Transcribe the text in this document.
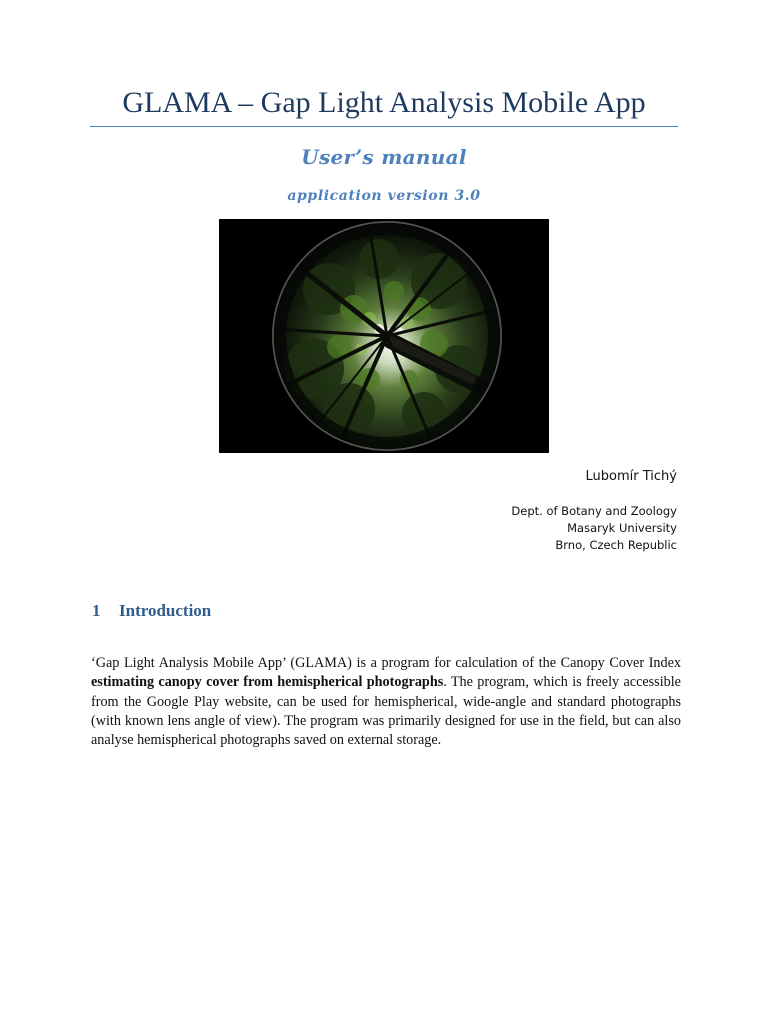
GLAMA – Gap Light Analysis Mobile App
User’s manual
application version 3.0
Lubomír Tichý
Dept. of Botany and Zoology
Masaryk University
Brno, Czech Republic
1 Introduction

‘Gap Light Analysis Mobile App’ (GLAMA) is a program for calculation of the Canopy Cover Index estimating canopy cover from hemispherical photographs. The program, which is freely accessible from the Google Play website, can be used for hemispherical, wide-angle and standard photographs (with known lens angle of view). The program was primarily designed for use in the field, but can also analyse hemispherical photographs saved on external storage.
